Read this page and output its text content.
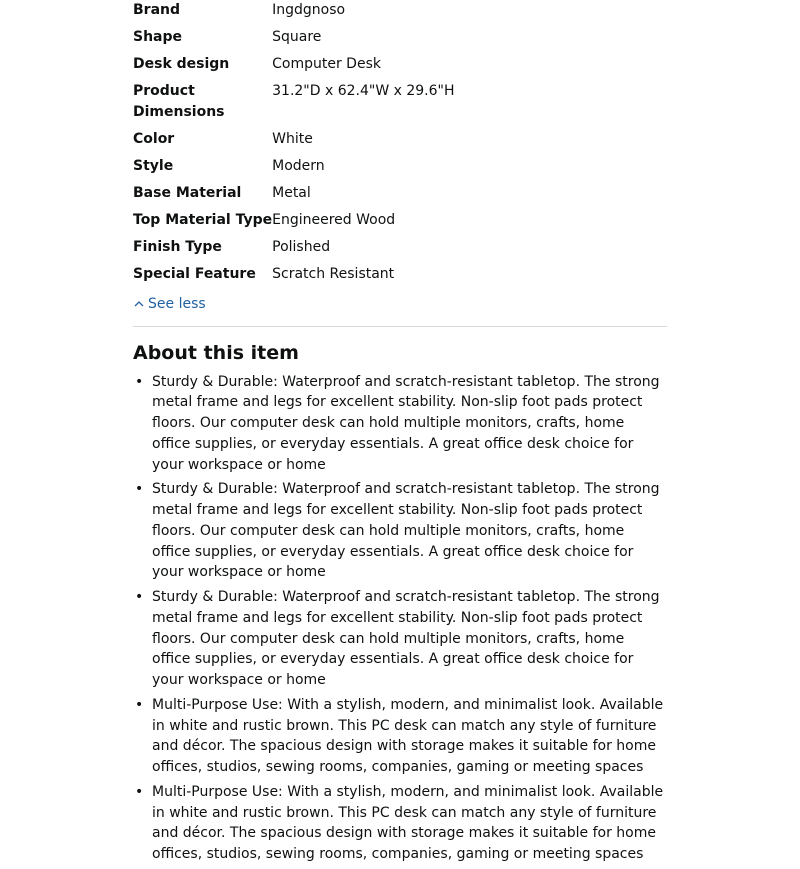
Brand	Ingdgnoso
Shape	Square
Desk design	Computer Desk
Product Dimensions	31.2"D x 62.4"W x 29.6"H
Color	White
Style	Modern
Base Material	Metal
Top Material Type	Engineered Wood
Finish Type	Polished
Special Feature	Scratch Resistant
See less
About this item
• Sturdy & Durable: Waterproof and scratch-resistant tabletop. The strong metal frame and legs for excellent stability. Non-slip foot pads protect floors. Our computer desk can hold multiple monitors, crafts, home office supplies, or everyday essentials. A great office desk choice for your workspace or home
• Sturdy & Durable: Waterproof and scratch-resistant tabletop. The strong metal frame and legs for excellent stability. Non-slip foot pads protect floors. Our computer desk can hold multiple monitors, crafts, home office supplies, or everyday essentials. A great office desk choice for your workspace or home
• Sturdy & Durable: Waterproof and scratch-resistant tabletop. The strong metal frame and legs for excellent stability. Non-slip foot pads protect floors. Our computer desk can hold multiple monitors, crafts, home office supplies, or everyday essentials. A great office desk choice for your workspace or home
• Multi-Purpose Use: With a stylish, modern, and minimalist look. Available in white and rustic brown. This PC desk can match any style of furniture and décor. The spacious design with storage makes it suitable for home offices, studios, sewing rooms, companies, gaming or meeting spaces
• Multi-Purpose Use: With a stylish, modern, and minimalist look. Available in white and rustic brown. This PC desk can match any style of furniture and décor. The spacious design with storage makes it suitable for home offices, studios, sewing rooms, companies, gaming or meeting spaces
